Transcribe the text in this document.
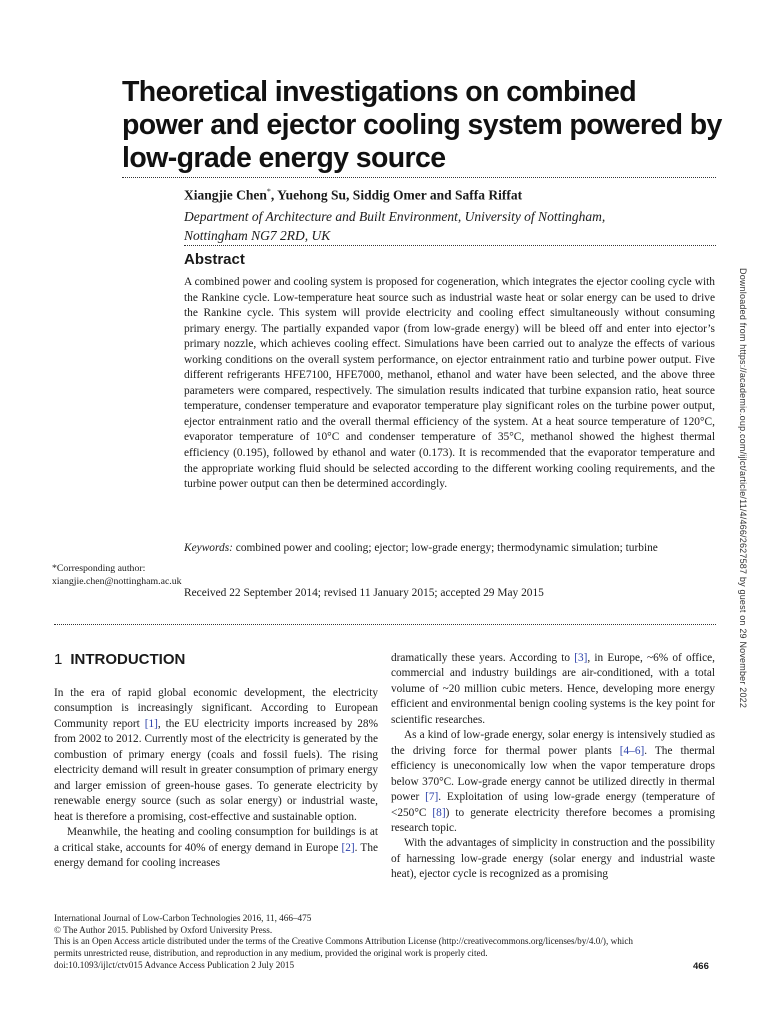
Theoretical investigations on combined power and ejector cooling system powered by low-grade energy source
Xiangjie Chen*, Yuehong Su, Siddig Omer and Saffa Riffat
Department of Architecture and Built Environment, University of Nottingham,
Nottingham NG7 2RD, UK
Abstract

A combined power and cooling system is proposed for cogeneration, which integrates the ejector cooling cycle with the Rankine cycle. Low-temperature heat source such as industrial waste heat or solar energy can be used to drive the Rankine cycle. This system will provide electricity and cooling effect simultaneously without consuming primary energy. The partially expanded vapor (from low-grade energy) will be bleed off and enter into ejector’s primary nozzle, which achieves cooling effect. Simulations have been carried out to analyze the effects of various working conditions on the overall system performance, on ejector entrainment ratio and turbine power output. Five different refrigerants HFE7100, HFE7000, methanol, ethanol and water have been selected, and the above three parameters were compared, respectively. The simulation results indicated that turbine expansion ratio, heat source temperature, condenser temperature and evaporator temperature play significant roles on the turbine power output, ejector entrainment ratio and the overall thermal efficiency of the system. At a heat source temperature of 120°C, evaporator temperature of 10°C and condenser temperature of 35°C, methanol showed the highest thermal efficiency (0.195), followed by ethanol and water (0.173). It is recommended that the evaporator temperature and the appropriate working fluid should be selected according to the different working cooling requirements, and the turbine power output can then be determined accordingly.

Keywords: combined power and cooling; ejector; low-grade energy; thermodynamic simulation; turbine

Received 22 September 2014; revised 11 January 2015; accepted 29 May 2015
*Corresponding author:
xiangjie.chen@nottingham.ac.uk
1 INTRODUCTION

In the era of rapid global economic development, the electricity consumption is increasingly significant. According to European Community report [1], the EU electricity imports increased by 28% from 2002 to 2012. Currently most of the electricity is generated by the combustion of primary energy (coals and fossil fuels). The rising electricity demand will result in greater consumption of primary energy and larger emission of green-house gases. To generate electricity by renewable energy source (such as solar energy) or industrial waste, heat is therefore a promising, cost-effective and sustainable option.

Meanwhile, the heating and cooling consumption for buildings is at a critical stake, accounts for 40% of energy demand in Europe [2]. The energy demand for cooling increases

dramatically these years. According to [3], in Europe, ~6% of office, commercial and industry buildings are air-conditioned, with a total volume of ~20 million cubic meters. Hence, developing more energy efficient and environmental benign cooling systems is the key point for scientific researches.

As a kind of low-grade energy, solar energy is intensively studied as the driving force for thermal power plants [4–6]. The thermal efficiency is uneconomically low when the vapor temperature drops below 370°C. Low-grade energy cannot be utilized directly in thermal power [7]. Exploitation of using low-grade energy (temperature of <250°C [8]) to generate electricity therefore becomes a promising research topic.

With the advantages of simplicity in construction and the possibility of harnessing low-grade energy (solar energy and industrial waste heat), ejector cycle is recognized as a promising

Downloaded from https://academic.oup.com/ijlct/article/11/4/466/2627587 by guest on 29 November 2022
International Journal of Low-Carbon Technologies 2016, 11, 466–475
© The Author 2015. Published by Oxford University Press.
This is an Open Access article distributed under the terms of the Creative Commons Attribution License (http://creativecommons.org/licenses/by/4.0/), which
permits unrestricted reuse, distribution, and reproduction in any medium, provided the original work is properly cited.
doi:10.1093/ijlct/ctv015 Advance Access Publication 2 July 2015	466
